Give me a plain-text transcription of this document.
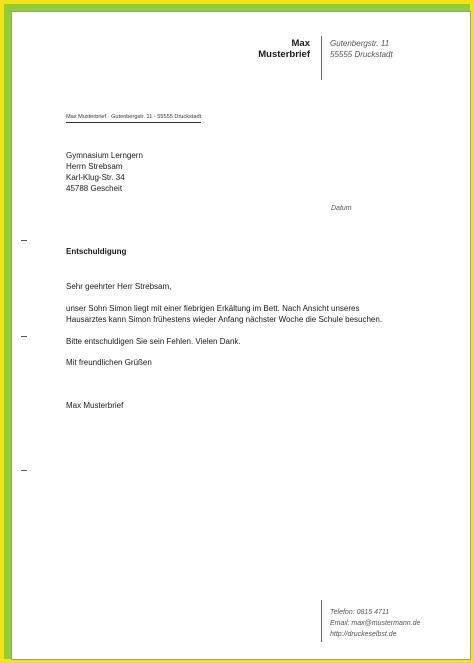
Max
Musterbrief
Gutenbergstr. 11
55555 Druckstadt
Max Musterbrief · Gutenbergstr. 11 · 55555 Druckstadt
Gymnasium Lerngern
Herrn Strebsam
Karl-Klug-Str. 34
45788 Gescheit
Datum
Entschuldigung
Sehr geehrter Herr Strebsam,
unser Sohn Simon liegt mit einer fiebrigen Erkältung im Bett. Nach Ansicht unseres
Hausarztes kann Simon frühestens wieder Anfang nächster Woche die Schule besuchen.
Bitte entschuldigen Sie sein Fehlen. Vielen Dank.
Mit freundlichen Grüßen
Max Musterbrief
Telefon: 0815 4711
Email: max@mustermann.de
http://druckeselbst.de
